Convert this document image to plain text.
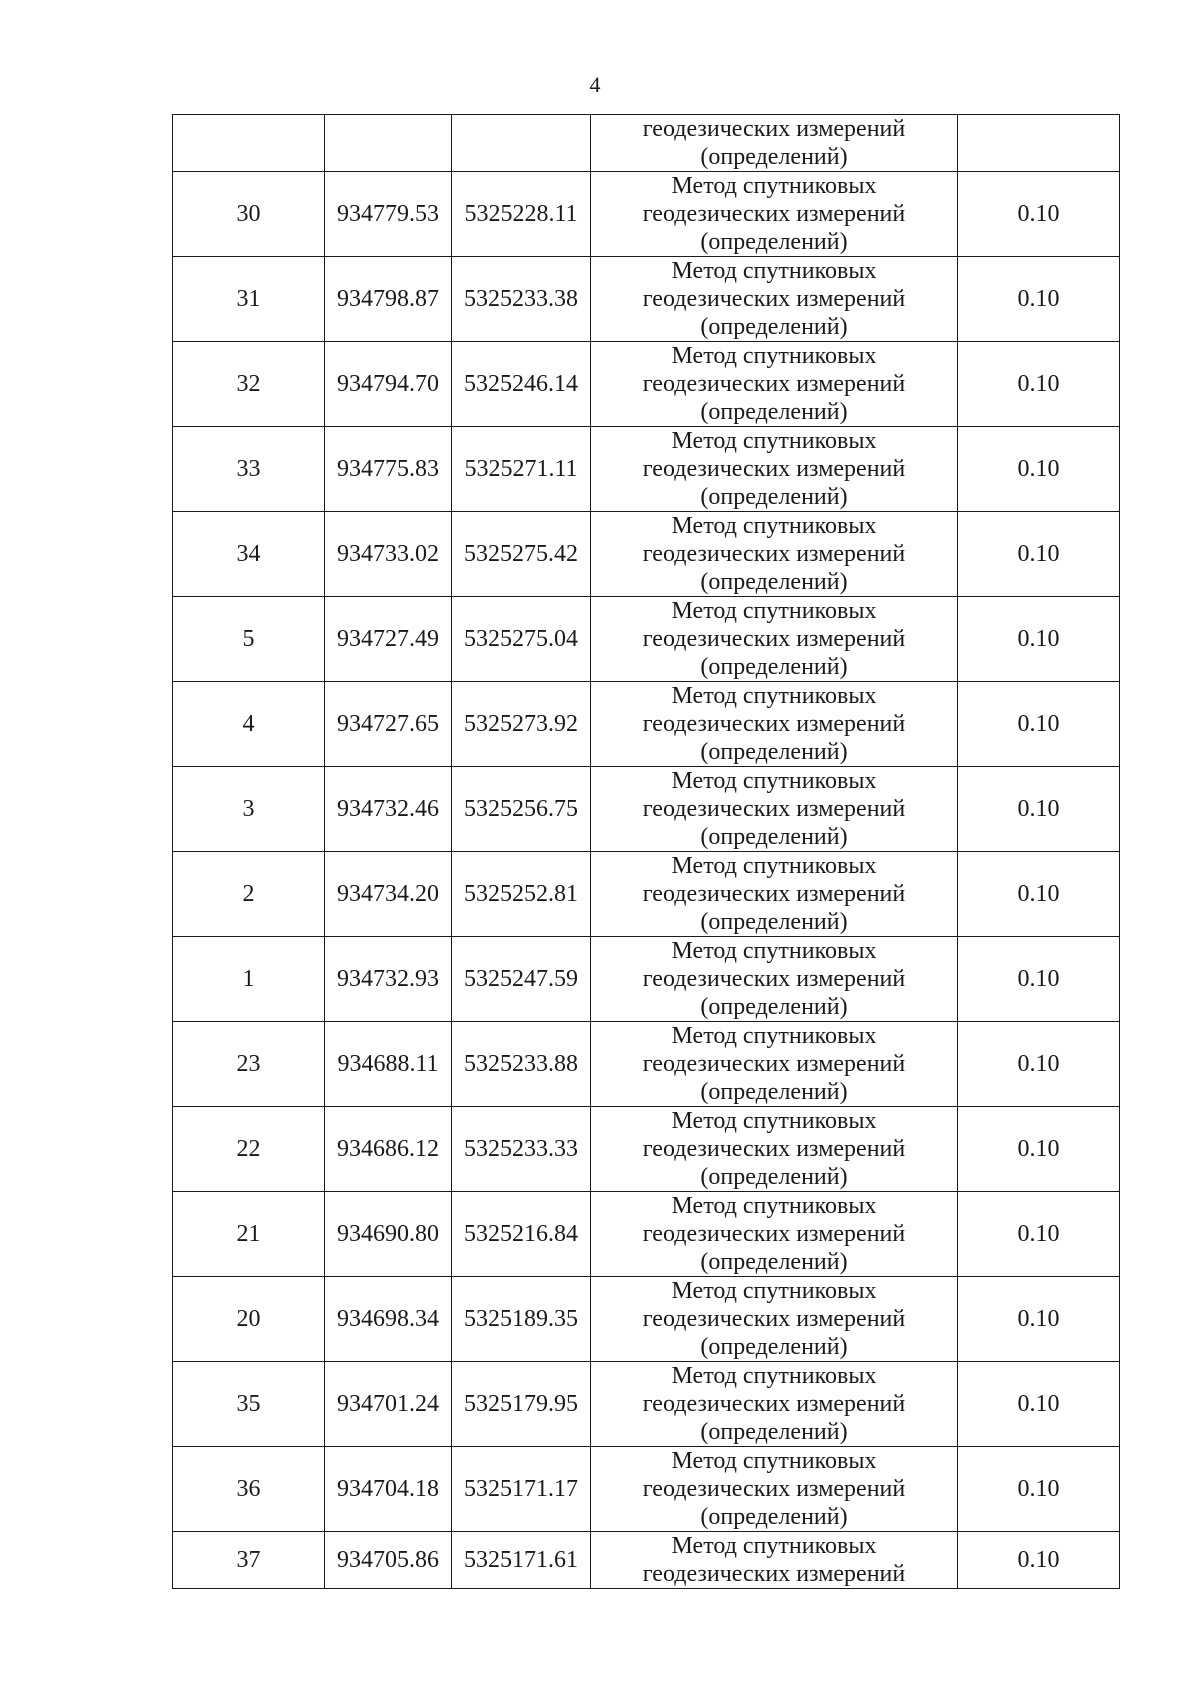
4

			геодезических измерений
(определений)	

30	934779.53	5325228.11	Метод спутниковых
геодезических измерений
(определений)	0.10
31	934798.87	5325233.38	Метод спутниковых
геодезических измерений
(определений)	0.10
32	934794.70	5325246.14	Метод спутниковых
геодезических измерений
(определений)	0.10
33	934775.83	5325271.11	Метод спутниковых
геодезических измерений
(определений)	0.10
34	934733.02	5325275.42	Метод спутниковых
геодезических измерений
(определений)	0.10
5	934727.49	5325275.04	Метод спутниковых
геодезических измерений
(определений)	0.10
4	934727.65	5325273.92	Метод спутниковых
геодезических измерений
(определений)	0.10
3	934732.46	5325256.75	Метод спутниковых
геодезических измерений
(определений)	0.10
2	934734.20	5325252.81	Метод спутниковых
геодезических измерений
(определений)	0.10
1	934732.93	5325247.59	Метод спутниковых
геодезических измерений
(определений)	0.10
23	934688.11	5325233.88	Метод спутниковых
геодезических измерений
(определений)	0.10
22	934686.12	5325233.33	Метод спутниковых
геодезических измерений
(определений)	0.10
21	934690.80	5325216.84	Метод спутниковых
геодезических измерений
(определений)	0.10
20	934698.34	5325189.35	Метод спутниковых
геодезических измерений
(определений)	0.10
35	934701.24	5325179.95	Метод спутниковых
геодезических измерений
(определений)	0.10
36	934704.18	5325171.17	Метод спутниковых
геодезических измерений
(определений)	0.10
37	934705.86	5325171.61	Метод спутниковых
геодезических измерений	0.10
